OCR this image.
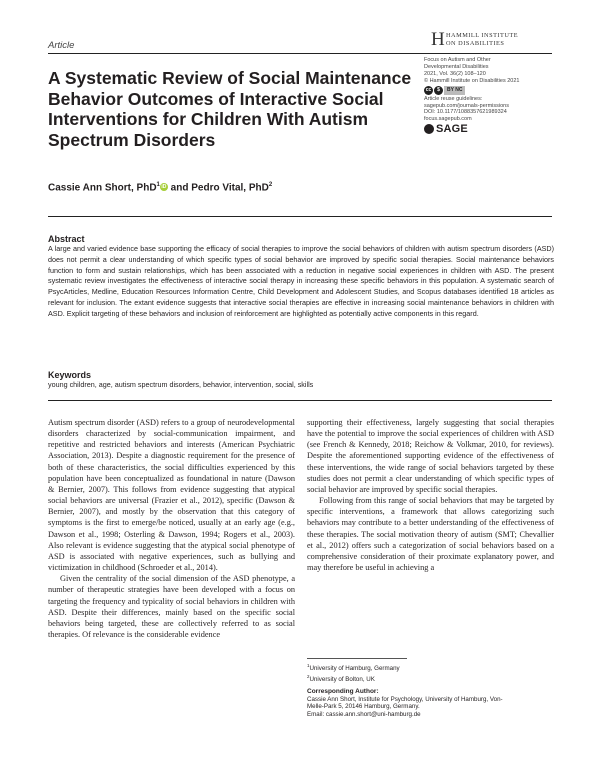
Article	H HAMMILL INSTITUTE
ON DISABILITIES
A Systematic Review of Social Maintenance Behavior Outcomes of Interactive Social Interventions for Children With Autism Spectrum Disorders
Focus on Autism and Other
Developmental Disabilities
2021, Vol. 36(2) 108–120
© Hammill Institute on Disabilities 2021
cc	$	BY NC
Article reuse guidelines:
sagepub.com/journals-permissions
DOI: 10.1177/1088357621989324
focus.sagepub.com
SAGE
Cassie Ann Short, PhD$^1$ iD and Pedro Vital, PhD$^2$
Abstract
A large and varied evidence base supporting the efficacy of social therapies to improve the social behaviors of children with autism spectrum disorders (ASD) does not permit a clear understanding of which specific types of social behavior are improved by specific social therapies. Social maintenance behaviors function to form and sustain relationships, which has been associated with a reduction in negative social experiences in children with ASD. The present systematic review investigates the effectiveness of interactive social therapy in increasing these specific behaviors in this population. A systematic search of PsycArticles, Medline, Education Resources Information Centre, Child Development and Adolescent Studies, and Scopus databases identified 18 articles as relevant for inclusion. The extant evidence suggests that interactive social therapies are effective in increasing social maintenance behaviors in children with ASD. Explicit targeting of these behaviors and inclusion of reinforcement are highlighted as potentially active components in this regard.
Keywords
young children, age, autism spectrum disorders, behavior, intervention, social, skills

Autism spectrum disorder (ASD) refers to a group of neurodevelopmental disorders characterized by social-communication impairment, and repetitive and restricted behaviors and interests (American Psychiatric Association, 2013). Despite a diagnostic requirement for the presence of both of these characteristics, the social difficulties experienced by this population have been conceptualized as foundational in nature (Dawson & Bernier, 2007). This follows from evidence suggesting that atypical social behaviors are universal (Frazier et al., 2012), specific (Dawson & Bernier, 2007), and mostly by the observation that this category of symptoms is the first to emerge/be noticed, usually at an early age (e.g., Dawson et al., 1998; Osterling & Dawson, 1994; Rogers et al., 2003). Also relevant is evidence suggesting that the atypical social phenotype of ASD is associated with negative experiences, such as bullying and victimization in childhood (Schroeder et al., 2014).

Given the centrality of the social dimension of the ASD phenotype, a number of therapeutic strategies have been developed with a focus on targeting the frequency and typicality of social behaviors in children with ASD. Despite their differences, mainly based on the specific social behaviors being targeted, these are collectively referred to as social therapies. Of relevance is the considerable evidence

supporting their effectiveness, largely suggesting that social therapies have the potential to improve the social experiences of children with ASD (see French & Kennedy, 2018; Reichow & Volkmar, 2010, for reviews). Despite the aforementioned supporting evidence of the effectiveness of these interventions, the wide range of social behaviors targeted by these studies does not permit a clear understanding of which specific types of social behavior are improved by specific social therapies.

Following from this range of social behaviors that may be targeted by specific interventions, a framework that allows categorizing such behaviors may contribute to a better understanding of the effectiveness of these therapies. The social motivation theory of autism (SMT; Chevallier et al., 2012) offers such a categorization of social behaviors based on a comprehensive consideration of their proximate explanatory power, and may therefore be useful in achieving a

$^1$University of Hamburg, Germany
$^2$University of Bolton, UK
Corresponding Author:
Cassie Ann Short, Institute for Psychology, University of Hamburg, Von-
Melle-Park 5, 20146 Hamburg, Germany.
Email: cassie.ann.short@uni-hamburg.de
